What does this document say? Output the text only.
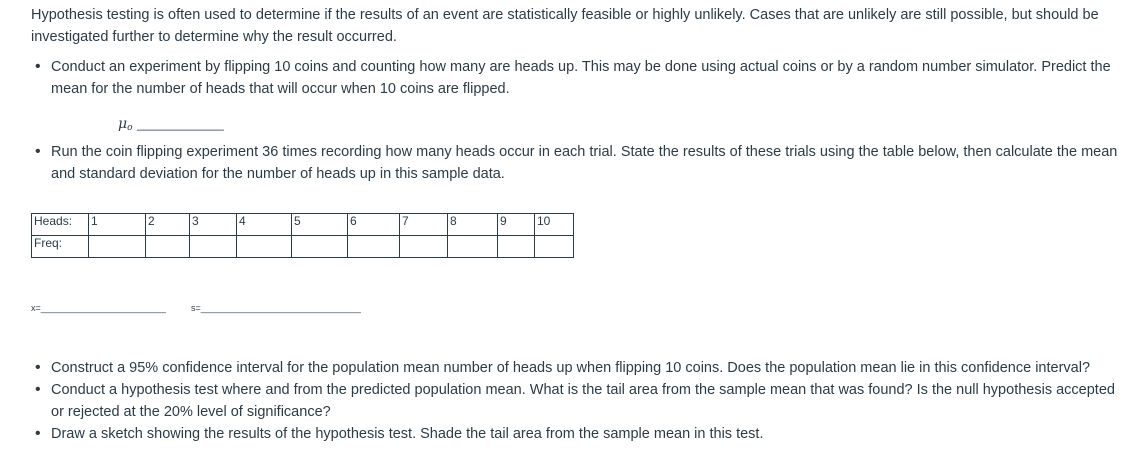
Hypothesis testing is often used to determine if the results of an event are statistically feasible or highly unlikely. Cases that are unlikely are still possible, but should be investigated further to determine why the result occurred.

• Conduct an experiment by flipping 10 coins and counting how many are heads up. This may be done using actual coins or by a random number simulator. Predict the mean for the number of heads that will occur when 10 coins are flipped.
$\mu_o$ _____________
• Run the coin flipping experiment 36 times recording how many heads occur in each trial. State the results of these trials using the table below, then calculate the mean and standard deviation for the number of heads up in this sample data.
Heads:	1	2	3	4	5	6	7	8	9	10
Freq:										
x=_________________________	s=________________________________
• Construct a 95% confidence interval for the population mean number of heads up when flipping 10 coins. Does the population mean lie in this confidence interval?
• Conduct a hypothesis test where and from the predicted population mean. What is the tail area from the sample mean that was found? Is the null hypothesis accepted or rejected at the 20% level of significance?
• Draw a sketch showing the results of the hypothesis test. Shade the tail area from the sample mean in this test.
